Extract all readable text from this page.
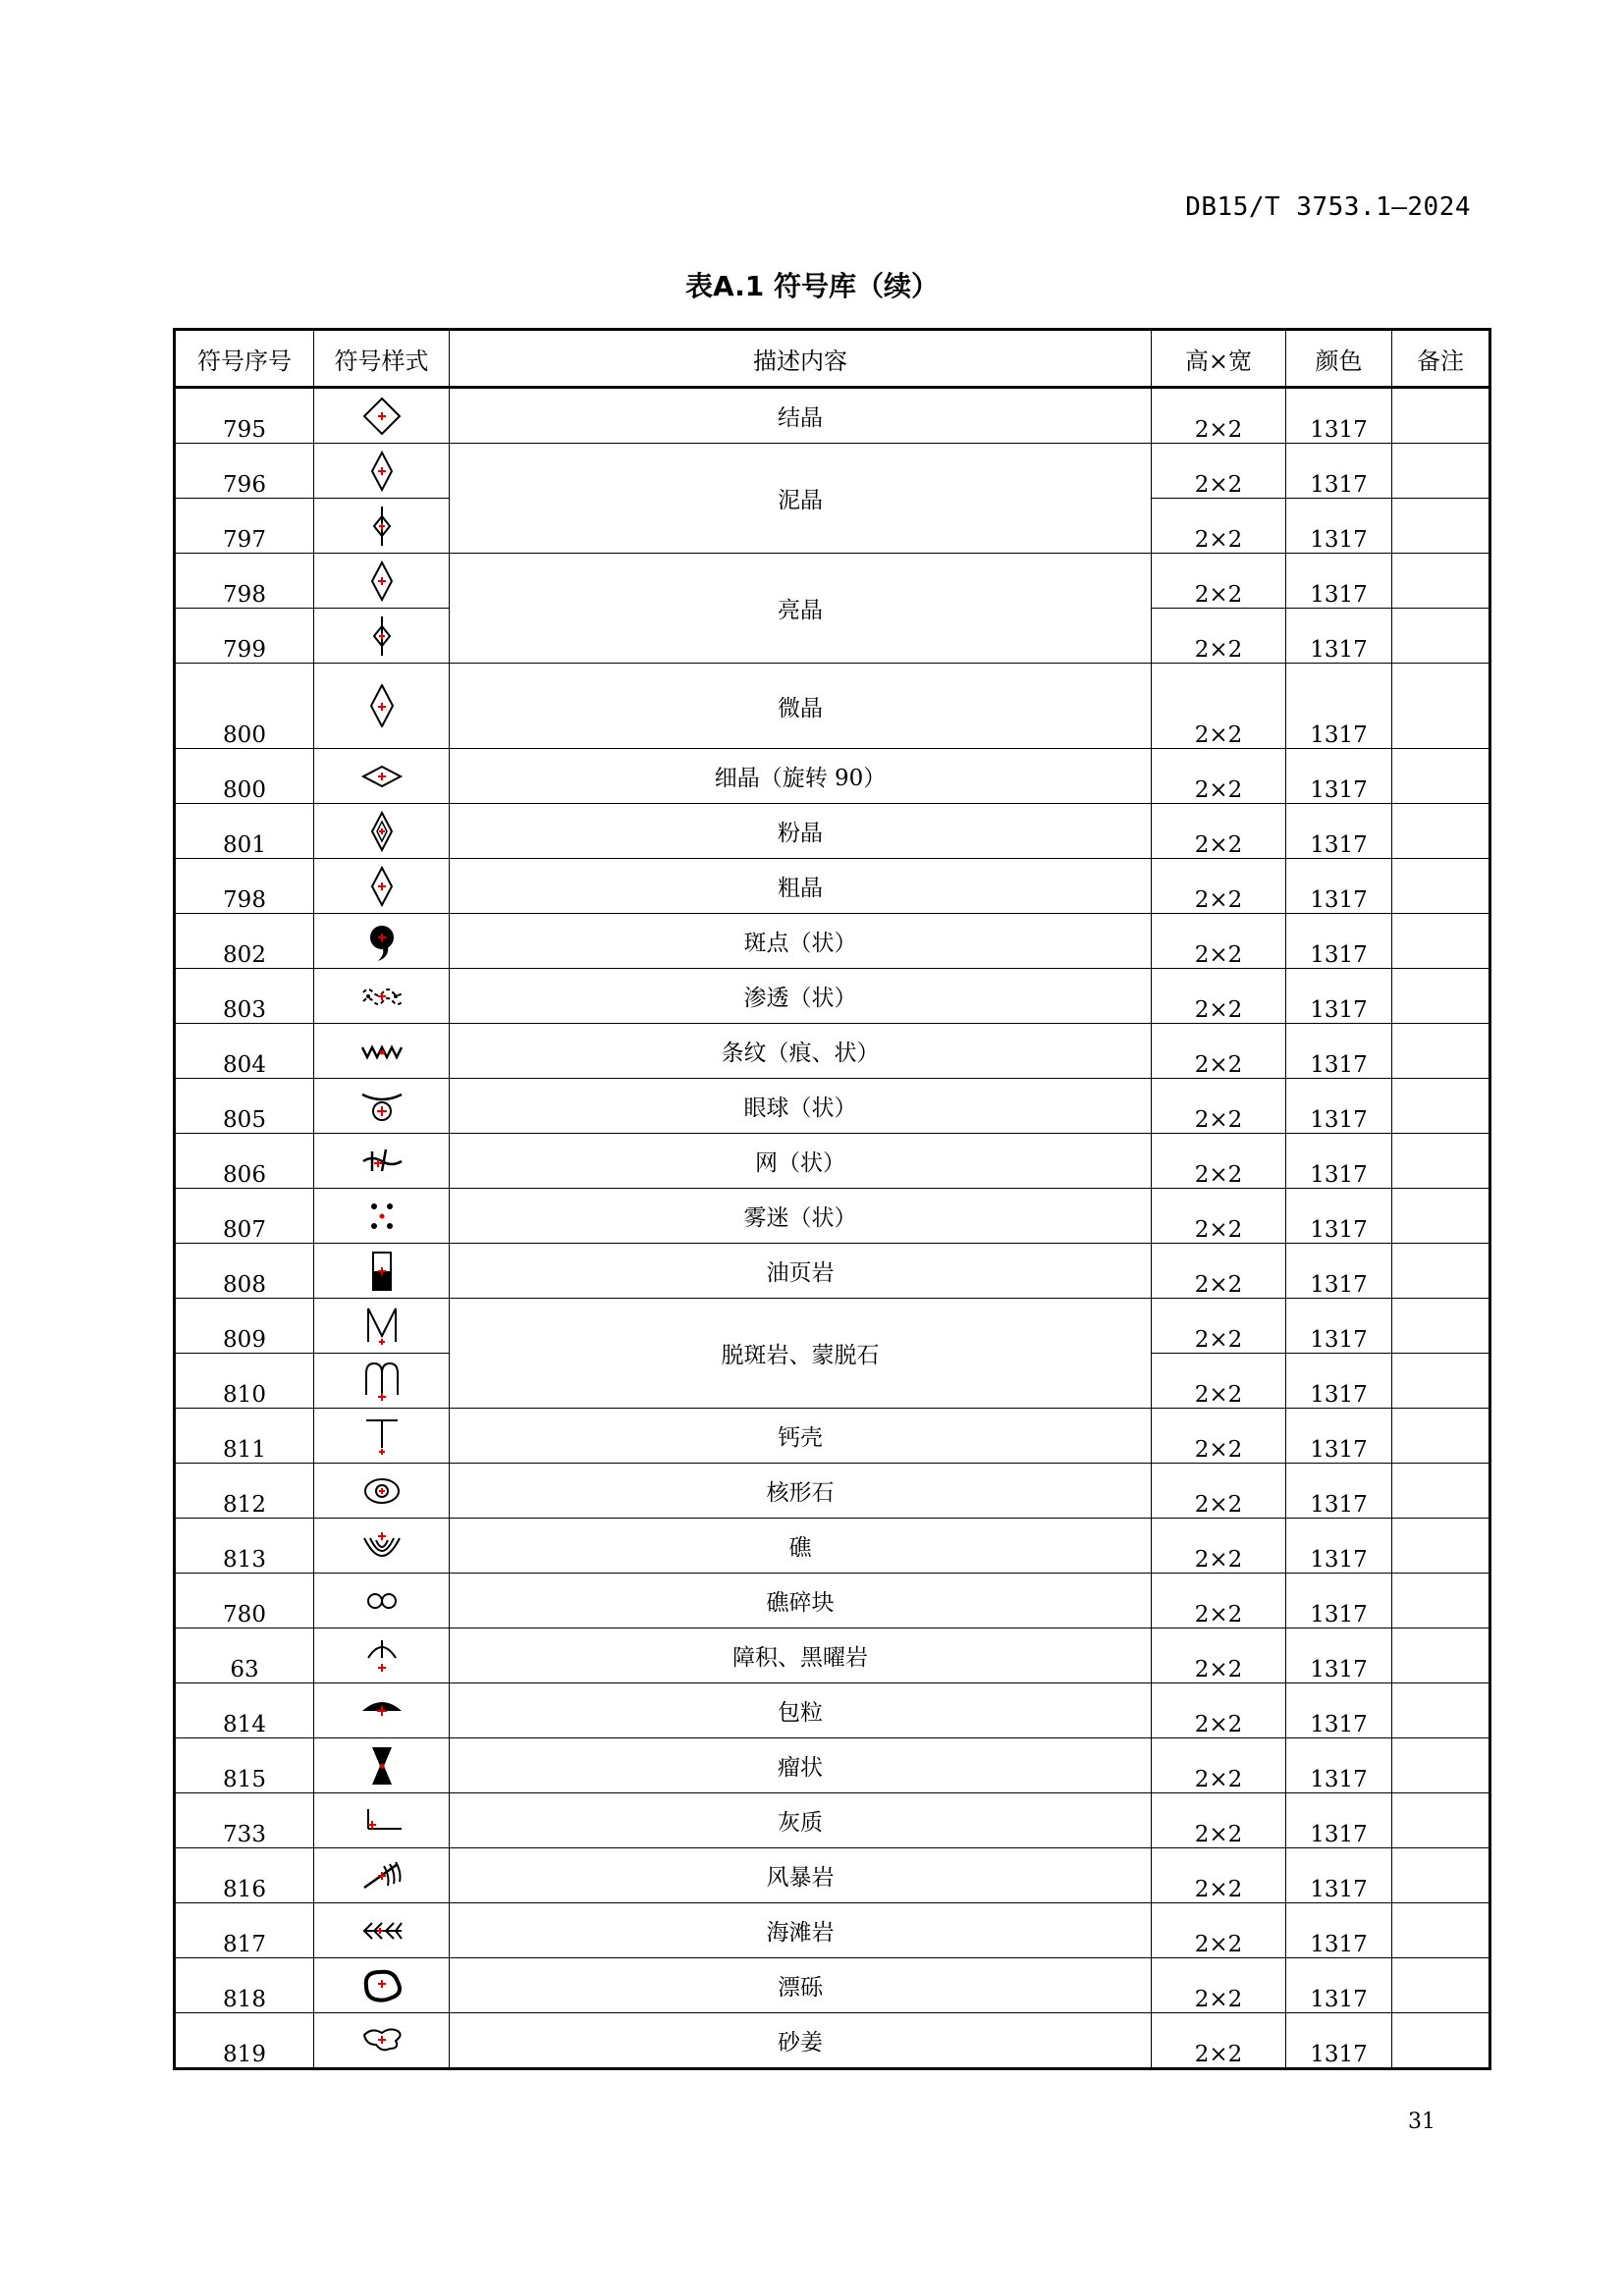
DB15/T 3753.1—2024
表A.1 符号库（续）
符号序号	符号样式	描述内容	高×宽	颜色	备注
795		结晶	2×2	1317	
796		泥晶	2×2	1317	
797			2×2	1317	
798		亮晶	2×2	1317	
799			2×2	1317	
800		微晶	2×2	1317	
800		细晶（旋转 90）	2×2	1317	
801		粉晶	2×2	1317	
798		粗晶	2×2	1317	
802		斑点（状）	2×2	1317	
803		渗透（状）	2×2	1317	
804		条纹（痕、状）	2×2	1317	
805		眼球（状）	2×2	1317	
806		网（状）	2×2	1317	
807		雾迷（状）	2×2	1317	
808		油页岩	2×2	1317	
809		脱斑岩、蒙脱石	2×2	1317	
810			2×2	1317	
811		钙壳	2×2	1317	
812		核形石	2×2	1317	
813		礁	2×2	1317	
780		礁碎块	2×2	1317	
63		障积、黑曜岩	2×2	1317	
814		包粒	2×2	1317	
815		瘤状	2×2	1317	
733		灰质	2×2	1317	
816		风暴岩	2×2	1317	
817		海滩岩	2×2	1317	
818		漂砾	2×2	1317	
819		砂姜	2×2	1317	
31
